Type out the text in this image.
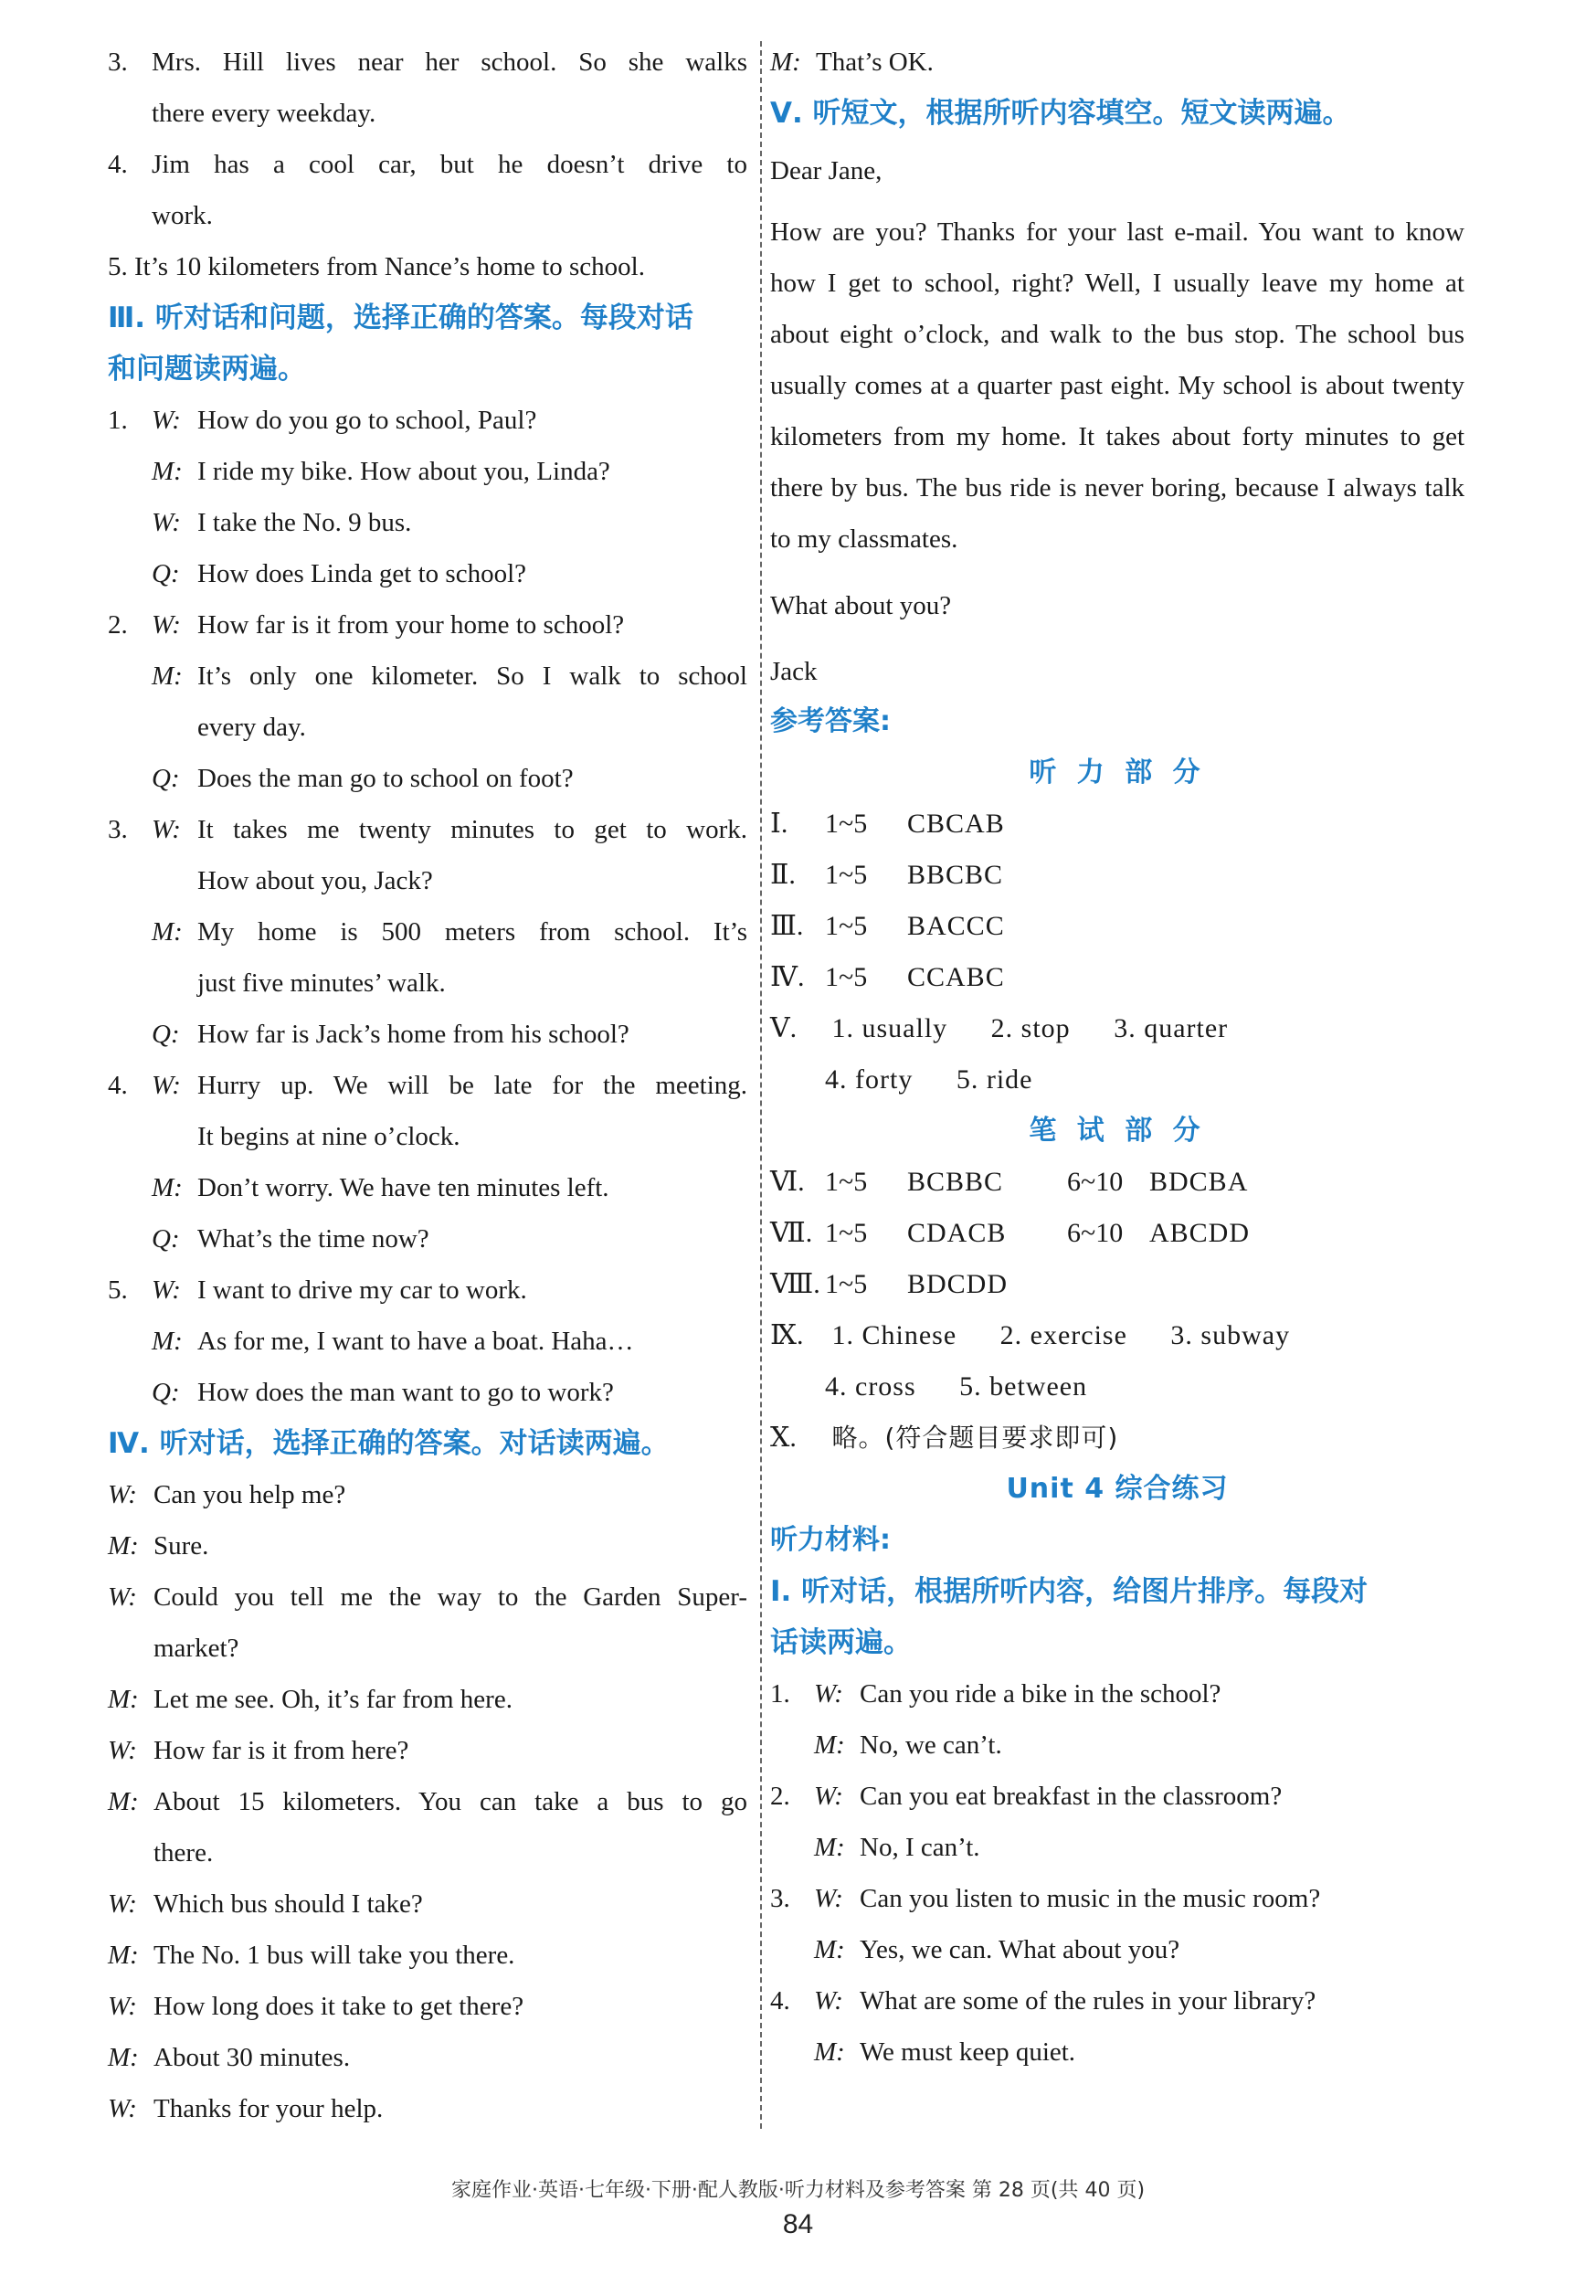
3. Mrs. Hill lives near her school. So she walks
there every weekday.
4. Jim has a cool car, but he doesn’t drive to
work.
5. It’s 10 kilometers from Nance’s home to school.
Ⅲ. 听对话和问题，选择正确的答案。每段对话
和问题读两遍。
1. W: How do you go to school, Paul?
M: I ride my bike. How about you, Linda?
W: I take the No. 9 bus.
Q: How does Linda get to school?
2. W: How far is it from your home to school?
M: It’s only one kilometer. So I walk to school
every day.
Q: Does the man go to school on foot?
3. W: It takes me twenty minutes to get to work.
How about you, Jack?
M: My home is 500 meters from school. It’s
just five minutes’ walk.
Q: How far is Jack’s home from his school?
4. W: Hurry up. We will be late for the meeting.
It begins at nine o’clock.
M: Don’t worry. We have ten minutes left.
Q: What’s the time now?
5. W: I want to drive my car to work.
M: As for me, I want to have a boat. Haha…
Q: How does the man want to go to work?
Ⅳ. 听对话，选择正确的答案。对话读两遍。
W: Can you help me?
M: Sure.
W: Could you tell me the way to the Garden Super-
market?
M: Let me see. Oh, it’s far from here.
W: How far is it from here?
M: About 15 kilometers. You can take a bus to go
there.
W: Which bus should I take?
M: The No. 1 bus will take you there.
W: How long does it take to get there?
M: About 30 minutes.
W: Thanks for your help.
M: That’s OK.
Ⅴ. 听短文，根据所听内容填空。短文读两遍。
Dear Jane,
How are you? Thanks for your last e-mail. You want to know how I get to school, right? Well, I usually leave my home at about eight o’clock, and walk to the bus stop. The school bus usually comes at a quarter past eight. My school is about twenty kilometers from my home. It takes about forty minutes to get there by bus. The bus ride is never boring, because I always talk to my classmates.
What about you?
Jack
参考答案:
听 力 部 分
Ⅰ. 1~5 CBCAB
Ⅱ. 1~5 BBCBC
Ⅲ. 1~5 BACCC
Ⅳ. 1~5 CCABC
Ⅴ. 1. usually 2. stop 3. quarter
4. forty 5. ride
笔 试 部 分
Ⅵ. 1~5 BCBBC 6~10 BDCBA
Ⅶ. 1~5 CDACB 6~10 ABCDD
Ⅷ. 1~5 BDCDD
Ⅸ. 1. Chinese 2. exercise 3. subway
4. cross 5. between
Ⅹ. 略。(符合题目要求即可)
Unit 4 综合练习
听力材料:
Ⅰ. 听对话，根据所听内容，给图片排序。每段对
话读两遍。
1. W: Can you ride a bike in the school?
M: No, we can’t.
2. W: Can you eat breakfast in the classroom?
M: No, I can’t.
3. W: Can you listen to music in the music room?
M: Yes, we can. What about you?
4. W: What are some of the rules in your library?
M: We must keep quiet.
家庭作业·英语·七年级·下册·配人教版·听力材料及参考答案 第 28 页(共 40 页)
84
